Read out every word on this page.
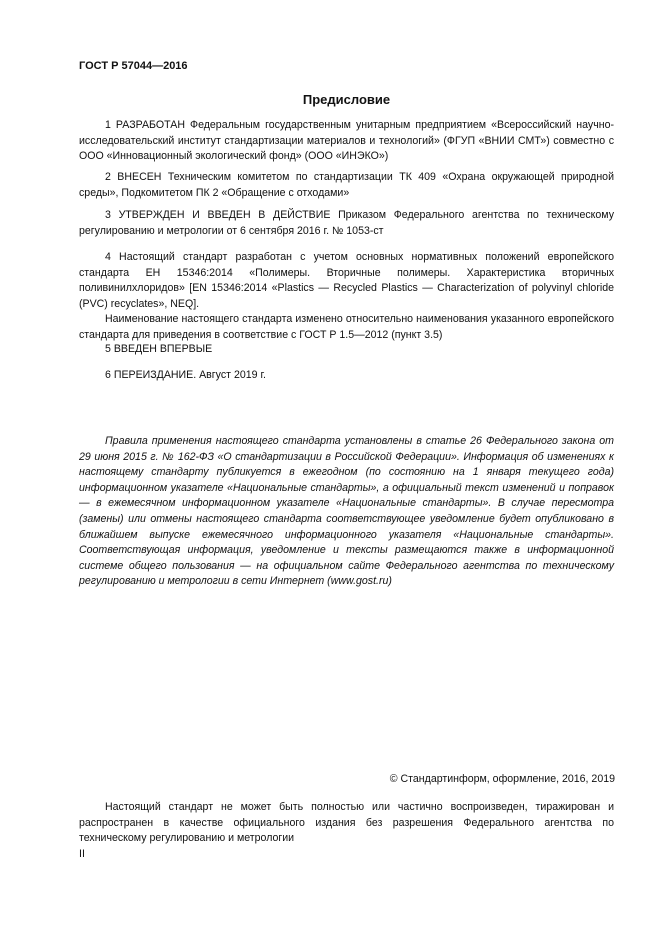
ГОСТ Р 57044—2016
Предисловие

1 РАЗРАБОТАН Федеральным государственным унитарным предприятием «Всероссийский научно-исследовательский институт стандартизации материалов и технологий» (ФГУП «ВНИИ СМТ») совместно с ООО «Инновационный экологический фонд» (ООО «ИНЭКО»)

2 ВНЕСЕН Техническим комитетом по стандартизации ТК 409 «Охрана окружающей природной среды», Подкомитетом ПК 2 «Обращение с отходами»

3 УТВЕРЖДЕН И ВВЕДЕН В ДЕЙСТВИЕ Приказом Федерального агентства по техническому регулированию и метрологии от 6 сентября 2016 г. № 1053-ст

4 Настоящий стандарт разработан с учетом основных нормативных положений европейского стандарта ЕН 15346:2014 «Полимеры. Вторичные полимеры. Характеристика вторичных поливинилхлоридов» [EN 15346:2014 «Plastics — Recycled Plastics — Characterization of polyvinyl chloride (PVC) recyclates», NEQ].

Наименование настоящего стандарта изменено относительно наименования указанного европейского стандарта для приведения в соответствие с ГОСТ Р 1.5—2012 (пункт 3.5)

5 ВВЕДЕН ВПЕРВЫЕ

6 ПЕРЕИЗДАНИЕ. Август 2019 г.

Правила применения настоящего стандарта установлены в статье 26 Федерального закона от 29 июня 2015 г. № 162-ФЗ «О стандартизации в Российской Федерации». Информация об изменениях к настоящему стандарту публикуется в ежегодном (по состоянию на 1 января текущего года) информационном указателе «Национальные стандарты», а официальный текст изменений и поправок — в ежемесячном информационном указателе «Национальные стандарты». В случае пересмотра (замены) или отмены настоящего стандарта соответствующее уведомление будет опубликовано в ближайшем выпуске ежемесячного информационного указателя «Национальные стандарты». Соответствующая информация, уведомление и тексты размещаются также в информационной системе общего пользования — на официальном сайте Федерального агентства по техническому регулированию и метрологии в сети Интернет (www.gost.ru)

© Стандартинформ, оформление, 2016, 2019

Настоящий стандарт не может быть полностью или частично воспроизведен, тиражирован и распространен в качестве официального издания без разрешения Федерального агентства по техническому регулированию и метрологии

II
